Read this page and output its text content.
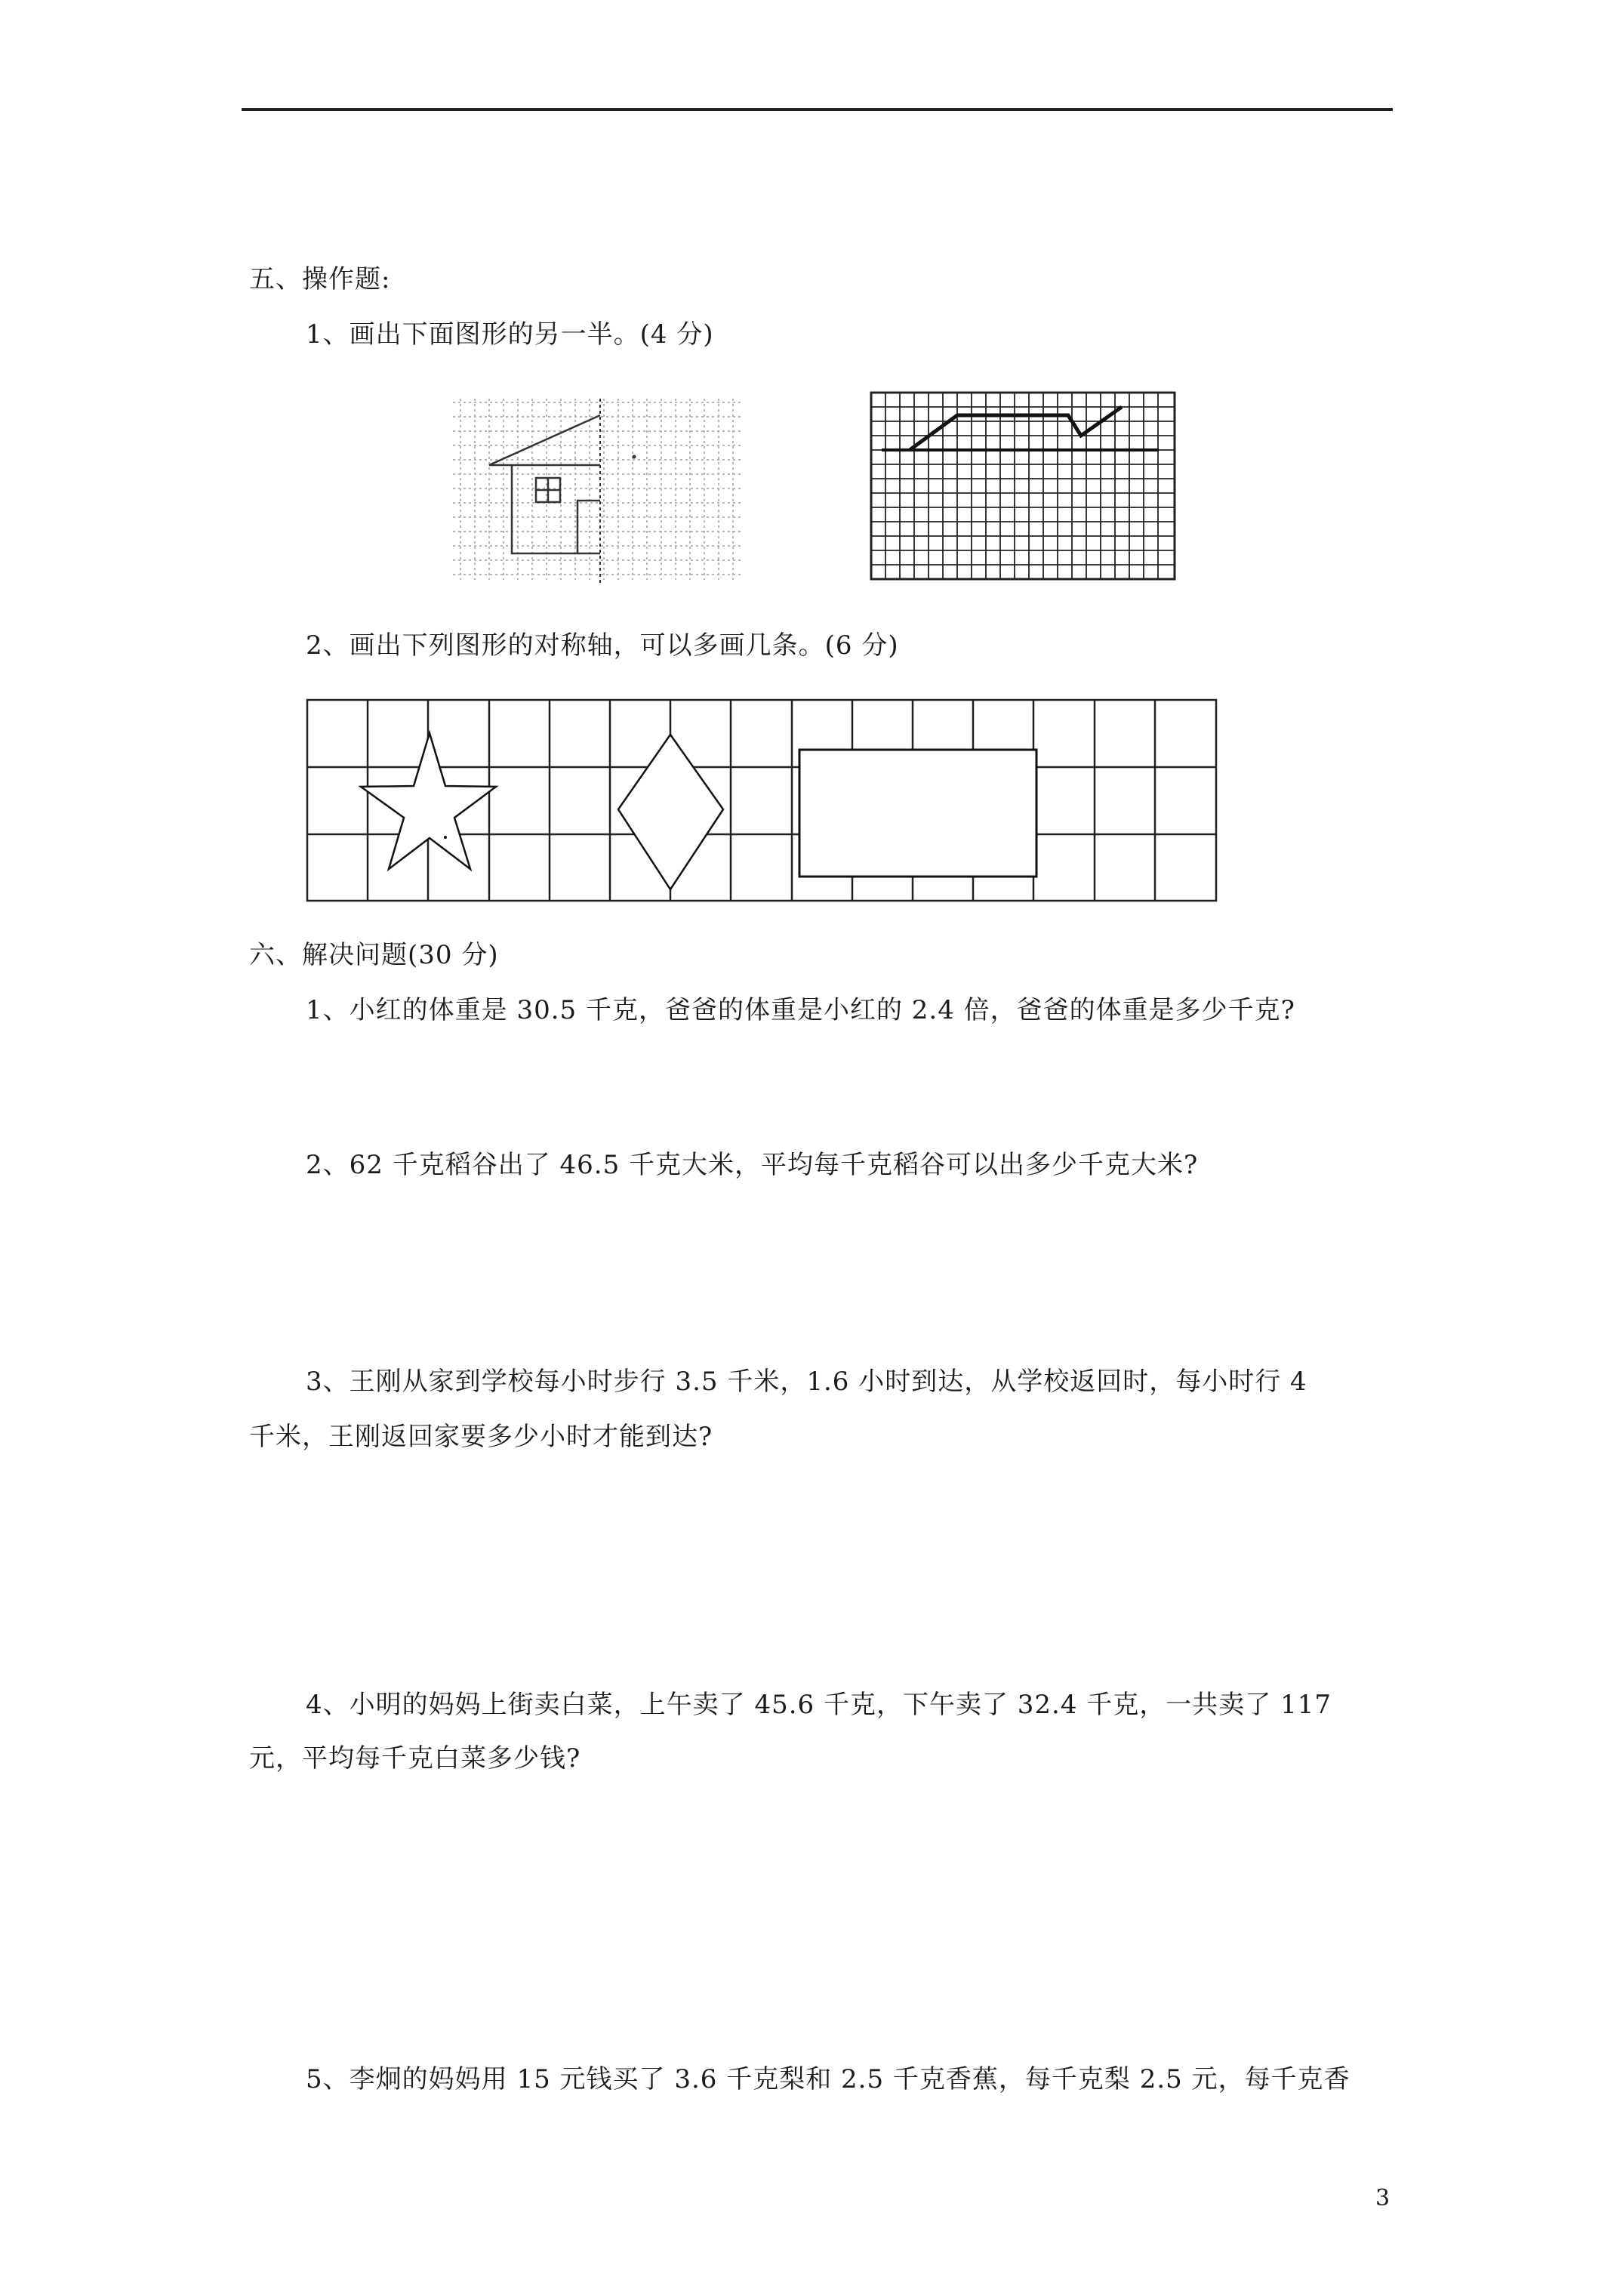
五、操作题:
1、画出下面图形的另一半。(4 分)
2、画出下列图形的对称轴，可以多画几条。(6 分)
六、解决问题(30 分)
1、小红的体重是 30.5 千克，爸爸的体重是小红的 2.4 倍，爸爸的体重是多少千克?
2、62 千克稻谷出了 46.5 千克大米，平均每千克稻谷可以出多少千克大米?
3、王刚从家到学校每小时步行 3.5 千米，1.6 小时到达，从学校返回时，每小时行 4
千米，王刚返回家要多少小时才能到达?
4、小明的妈妈上街卖白菜，上午卖了 45.6 千克，下午卖了 32.4 千克，一共卖了 117
元，平均每千克白菜多少钱?
5、李炯的妈妈用 15 元钱买了 3.6 千克梨和 2.5 千克香蕉，每千克梨 2.5 元，每千克香
3
